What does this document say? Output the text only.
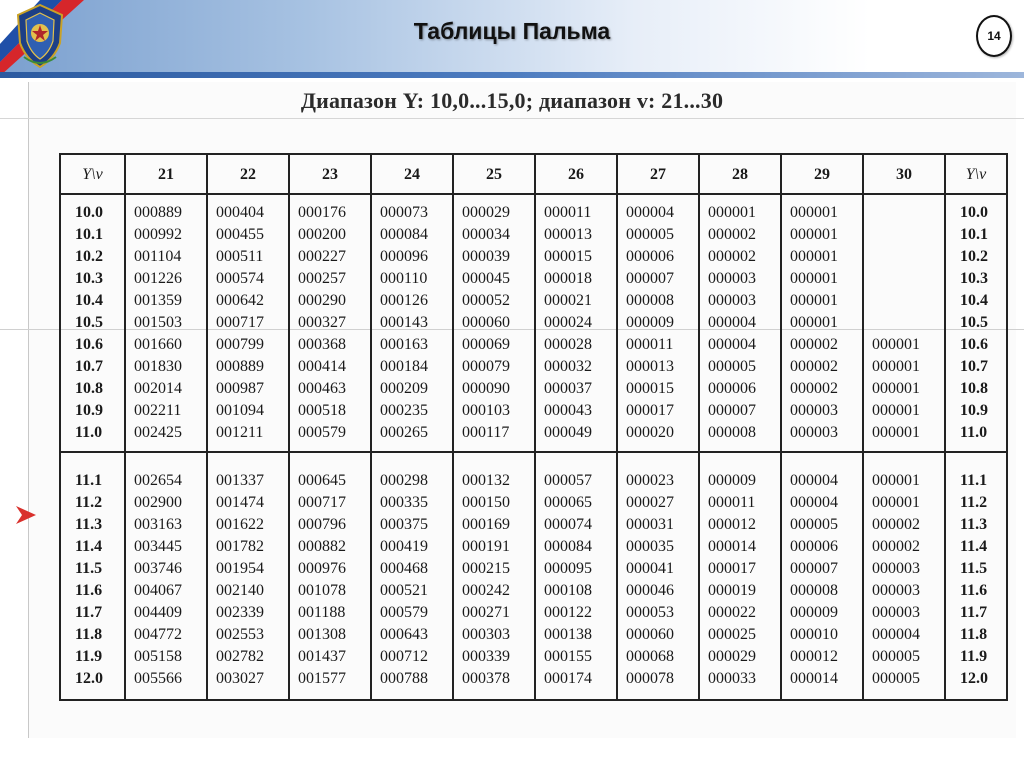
Таблицы Пальма	14
Диапазон Y: 10,0...15,0; диапазон v: 21...30
Y\v	21	22	23	24	25	26	27	28	29	30	Y\v

10.0	000889	000404	000176	000073	000029	000011	000004	000001	000001		10.0
10.1	000992	000455	000200	000084	000034	000013	000005	000002	000001		10.1
10.2	001104	000511	000227	000096	000039	000015	000006	000002	000001		10.2
10.3	001226	000574	000257	000110	000045	000018	000007	000003	000001		10.3
10.4	001359	000642	000290	000126	000052	000021	000008	000003	000001		10.4
10.5	001503	000717	000327	000143	000060	000024	000009	000004	000001		10.5
10.6	001660	000799	000368	000163	000069	000028	000011	000004	000002	000001	10.6
10.7	001830	000889	000414	000184	000079	000032	000013	000005	000002	000001	10.7
10.8	002014	000987	000463	000209	000090	000037	000015	000006	000002	000001	10.8
10.9	002211	001094	000518	000235	000103	000043	000017	000007	000003	000001	10.9
11.0	002425	001211	000579	000265	000117	000049	000020	000008	000003	000001	11.0

11.1	002654	001337	000645	000298	000132	000057	000023	000009	000004	000001	11.1
11.2	002900	001474	000717	000335	000150	000065	000027	000011	000004	000001	11.2
11.3	003163	001622	000796	000375	000169	000074	000031	000012	000005	000002	11.3
11.4	003445	001782	000882	000419	000191	000084	000035	000014	000006	000002	11.4
11.5	003746	001954	000976	000468	000215	000095	000041	000017	000007	000003	11.5
11.6	004067	002140	001078	000521	000242	000108	000046	000019	000008	000003	11.6
11.7	004409	002339	001188	000579	000271	000122	000053	000022	000009	000003	11.7
11.8	004772	002553	001308	000643	000303	000138	000060	000025	000010	000004	11.8
11.9	005158	002782	001437	000712	000339	000155	000068	000029	000012	000005	11.9
12.0	005566	003027	001577	000788	000378	000174	000078	000033	000014	000005	12.0
